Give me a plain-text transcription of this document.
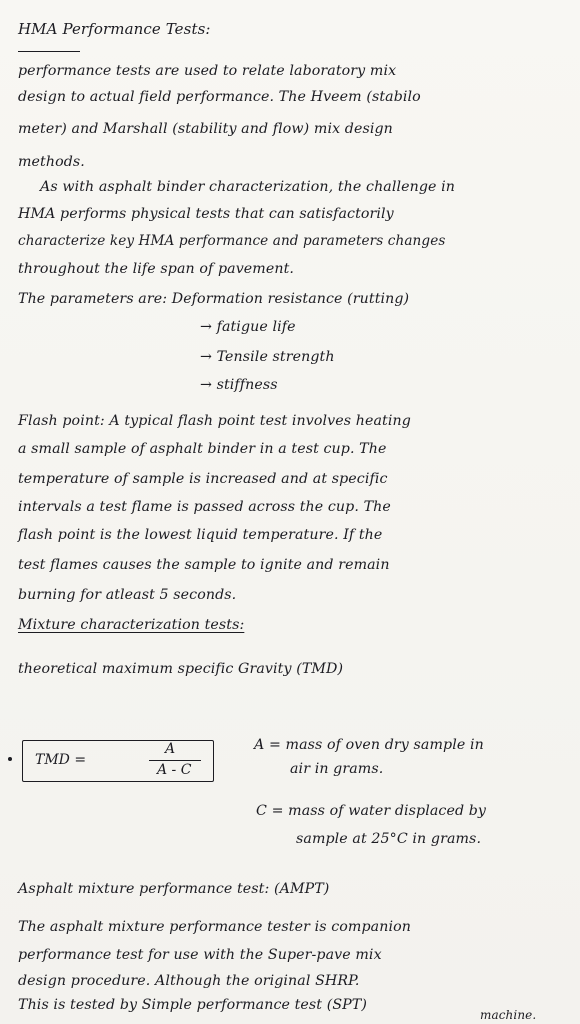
HMA Performance Tests:
performance tests are used to relate laboratory mix
design to actual field performance. The Hveem (stabilo
meter) and Marshall (stability and flow) mix design
methods.
As with asphalt binder characterization, the challenge in
HMA performs physical tests that can satisfactorily
characterize key HMA performance and parameters changes
throughout the life span of pavement.
The parameters are: Deformation resistance (rutting)
→ fatigue life
→ Tensile strength
→ stiffness
Flash point: A typical flash point test involves heating
a small sample of asphalt binder in a test cup. The
temperature of sample is increased and at specific
intervals a test flame is passed across the cup. The
flash point is the lowest liquid temperature. If the
test flames causes the sample to ignite and remain
burning for atleast 5 seconds.
Mixture characterization tests:
theoretical maximum specific Gravity (TMD)
TMD =
A
A - C
A = mass of oven dry sample in
air in grams.
C = mass of water displaced by
sample at 25°C in grams.
Asphalt mixture performance test: (AMPT)
The asphalt mixture performance tester is companion
performance test for use with the Super-pave mix
design procedure. Although the original SHRP.
This is tested by Simple performance test (SPT)
machine.
